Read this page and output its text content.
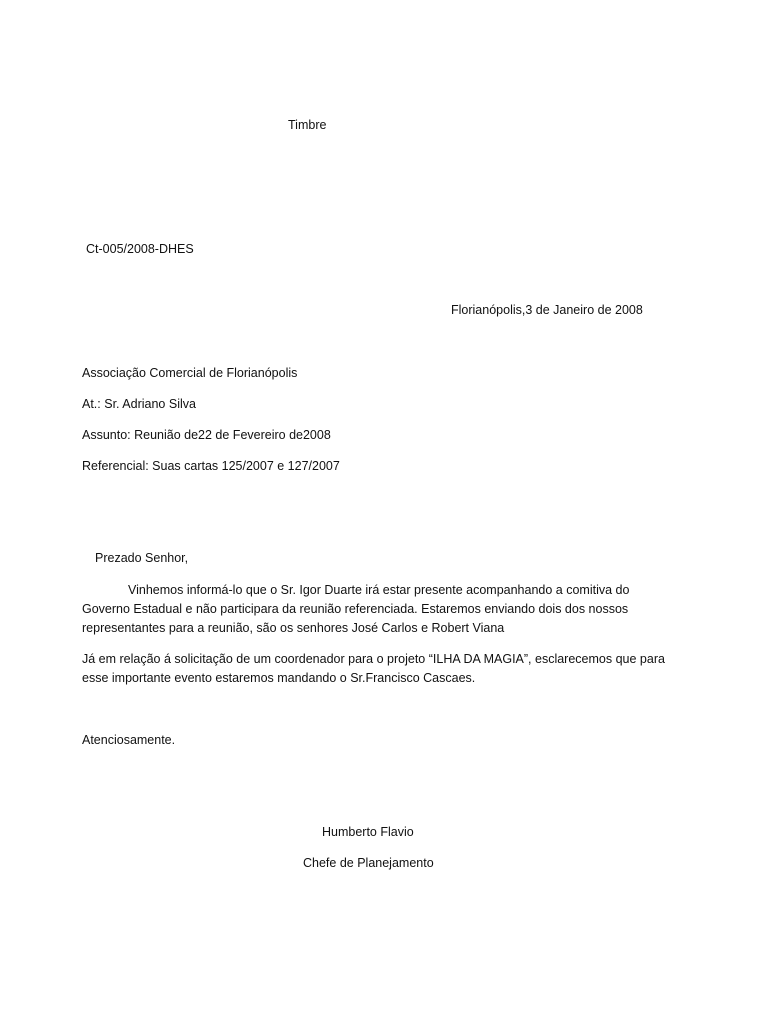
Timbre
Ct-005/2008-DHES
Florianópolis,3 de Janeiro de 2008
Associação Comercial de Florianópolis
At.: Sr. Adriano Silva
Assunto: Reunião de22 de Fevereiro de2008
Referencial: Suas cartas 125/2007 e 127/2007
Prezado Senhor,
Vinhemos informá-lo que o Sr. Igor Duarte irá estar presente acompanhando a comitiva do Governo Estadual e não participara da reunião referenciada. Estaremos enviando dois dos nossos representantes para a reunião, são os senhores José Carlos e Robert Viana
Já em relação á solicitação de um coordenador para o projeto “ILHA DA MAGIA”, esclarecemos que para esse importante evento estaremos mandando o Sr.Francisco Cascaes.
Atenciosamente.
Humberto Flavio
Chefe de Planejamento
